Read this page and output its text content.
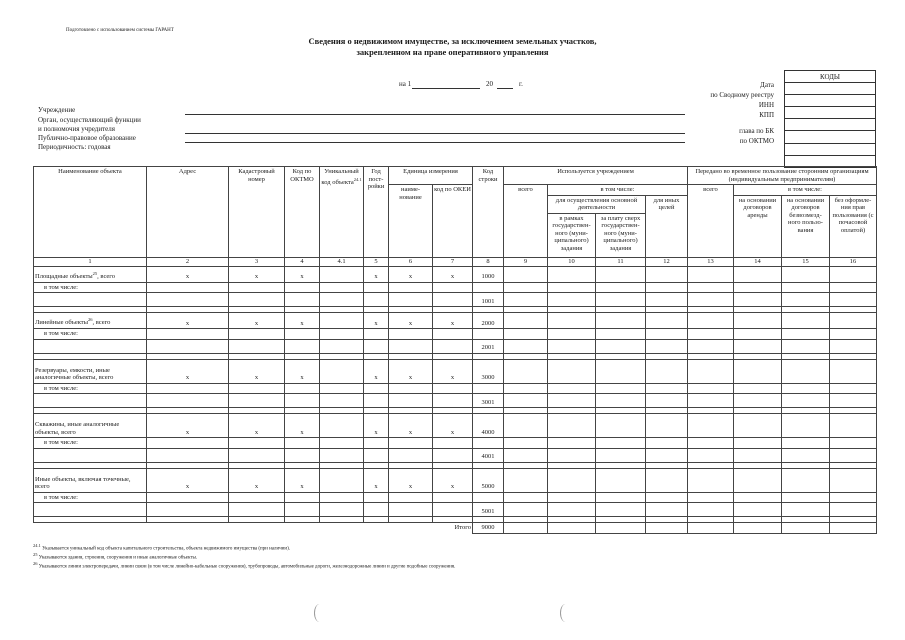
Подготовлено с использованием системы ГАРАНТ
Сведения о недвижимом имуществе, за исключением земельных участков,
закрепленном на праве оперативного управления
на 1	20	г.
КОДЫ

Дата
по Сводному реестру
ИНН
КПП
глава по БК
по ОКТМО
Учреждение
Орган, осуществляющий функции
и полномочия учредителя
Публично-правовое образование
Периодичность: годовая
Наименование объекта	Адрес	Кадастровый номер	Код по ОКТМО	Уникальный код объекта$^{24.1}$	Год пост- ройки	Единица измерения		Код строки	Используется учреждением				Передано во временное пользование сторонним организациям (индивидуальным предпринимателям)			
						наиме- нование	код по ОКЕИ		всего	в том числе:			всего	в том числе:		
										для осуществления основной деятельности		для иных целей		на основании договоров аренды	на основании договоров безвозмезд- ного пользо- вания	без оформле- ния прав пользования (с почасовой оплатой)
										в рамках государствен- ного (муни- ципального) задания	за плату сверх государствен- ного (муни- ципального) задания					
1	2	3	4	4.1	5	6	7	8	9	10	11	12	13	14	15	16
Площадные объекты$^{25}$, всего	x	x	x		x	x	x	1000								
в том числе:																
								1001								

Линейные объекты$^{26}$, всего	x	x	x		x	x	x	2000								
в том числе:																
								2001								

Резервуары, емкости, иные аналогичные объекты, всего	x	x	x		x	x	x	3000								
в том числе:																
								3001								

Скважины, иные аналогичные объекты, всего	x	x	x		x	x	x	4000								
в том числе:																
								4001								

Иные объекты, включая точечные, всего	x	x	x		x	x	x	5000								
в том числе:																
								5001								

Итого								9000								
24.1 Указывается уникальный код объекта капитального строительства, объекта недвижимого имущества (при наличии).
25 Указываются здания, строения, сооружения и иные аналогичные объекты.
26 Указываются линии электропередачи, линии связи (в том числе линейно-кабельные сооружения), трубопроводы, автомобильные дороги, железнодорожные линии и другие подобные сооружения.
